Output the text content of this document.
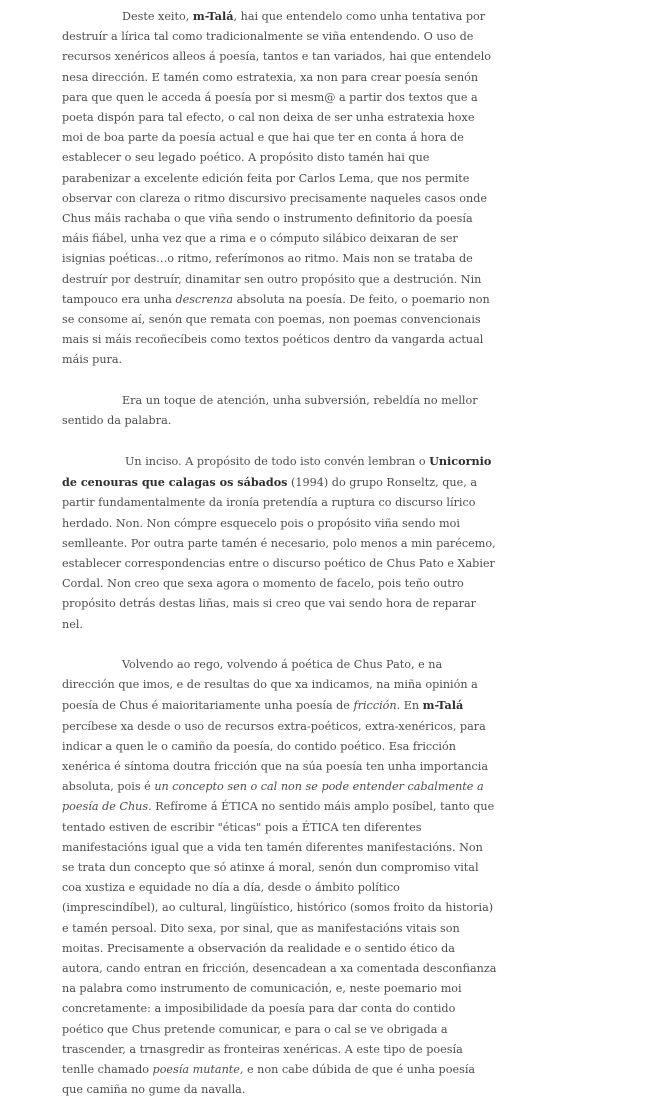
Deste xeito, m-Talá, hai que entendelo como unha tentativa por destruír a lírica tal como tradicionalmente se viña entendendo. O uso de recursos xenéricos alleos á poesía, tantos e tan variados, hai que entendelo nesa dirección. E tamén como estratexia, xa non para crear poesía senón para que quen le acceda á poesía por si mesm@ a partir dos textos que a poeta dispón para tal efecto, o cal non deixa de ser unha estratexia hoxe moi de boa parte da poesía actual e que hai que ter en conta á hora de establecer o seu legado poético. A propósito disto tamén hai que parabenizar a excelente edición feita por Carlos Lema, que nos permite observar con clareza o ritmo discursivo precisamente naqueles casos onde Chus máis rachaba o que viña sendo o instrumento definitorio da poesía máis fiábel, unha vez que a rima e o cómputo silábico deixaran de ser isignias poéticas…o ritmo, referímonos ao ritmo. Mais non se trataba de destruír por destruír, dinamitar sen outro propósito que a destrución. Nin tampouco era unha descrenza absoluta na poesía. De feito, o poemario non se consome aí, senón que remata con poemas, non poemas convencionais mais si máis recoñecíbeis como textos poéticos dentro da vangarda actual máis pura.

Era un toque de atención, unha subversión, rebeldía no mellor sentido da palabra.

Un inciso. A propósito de todo isto convén lembran o Unicornio de cenouras que calagas os sábados (1994) do grupo Ronseltz, que, a partir fundamentalmente da ironía pretendía a ruptura co discurso lírico herdado. Non. Non cómpre esquecelo pois o propósito viña sendo moi semlleante. Por outra parte tamén é necesario, polo menos a min parécemo, establecer correspondencias entre o discurso poético de Chus Pato e Xabier Cordal. Non creo que sexa agora o momento de facelo, pois teño outro propósito detrás destas liñas, mais si creo que vai sendo hora de reparar nel.

Volvendo ao rego, volvendo á poética de Chus Pato, e na dirección que imos, e de resultas do que xa indicamos, na miña opinión a poesía de Chus é maioritariamente unha poesía de fricción. En m-Talá percíbese xa desde o uso de recursos extra-poéticos, extra-xenéricos, para indicar a quen le o camiño da poesía, do contido poético. Esa fricción xenérica é síntoma doutra fricción que na súa poesía ten unha importancia absoluta, pois é un concepto sen o cal non se pode entender cabalmente a poesía de Chus. Refírome á ÉTICA no sentido máis amplo posíbel, tanto que tentado estiven de escribir "éticas" pois a ÉTICA ten diferentes manifestacións igual que a vida ten tamén diferentes manifestacións. Non se trata dun concepto que só atinxe á moral, senón dun compromiso vital coa xustiza e equidade no día a día, desde o ámbito político (imprescindíbel), ao cultural, lingüístico, histórico (somos froito da historia) e tamén persoal. Dito sexa, por sinal, que as manifestacións vitais son moitas. Precisamente a observación da realidade e o sentido ético da autora, cando entran en fricción, desencadean a xa comentada desconfianza na palabra como instrumento de comunicación, e, neste poemario moi concretamente: a imposibilidade da poesía para dar conta do contido poético que Chus pretende comunicar, e para o cal se ve obrigada a trascender, a trnasgredir as fronteiras xenéricas. A este tipo de poesía tenlle chamado poesía mutante, e non cabe dúbida de que é unha poesía que camiña no gume da navalla.
